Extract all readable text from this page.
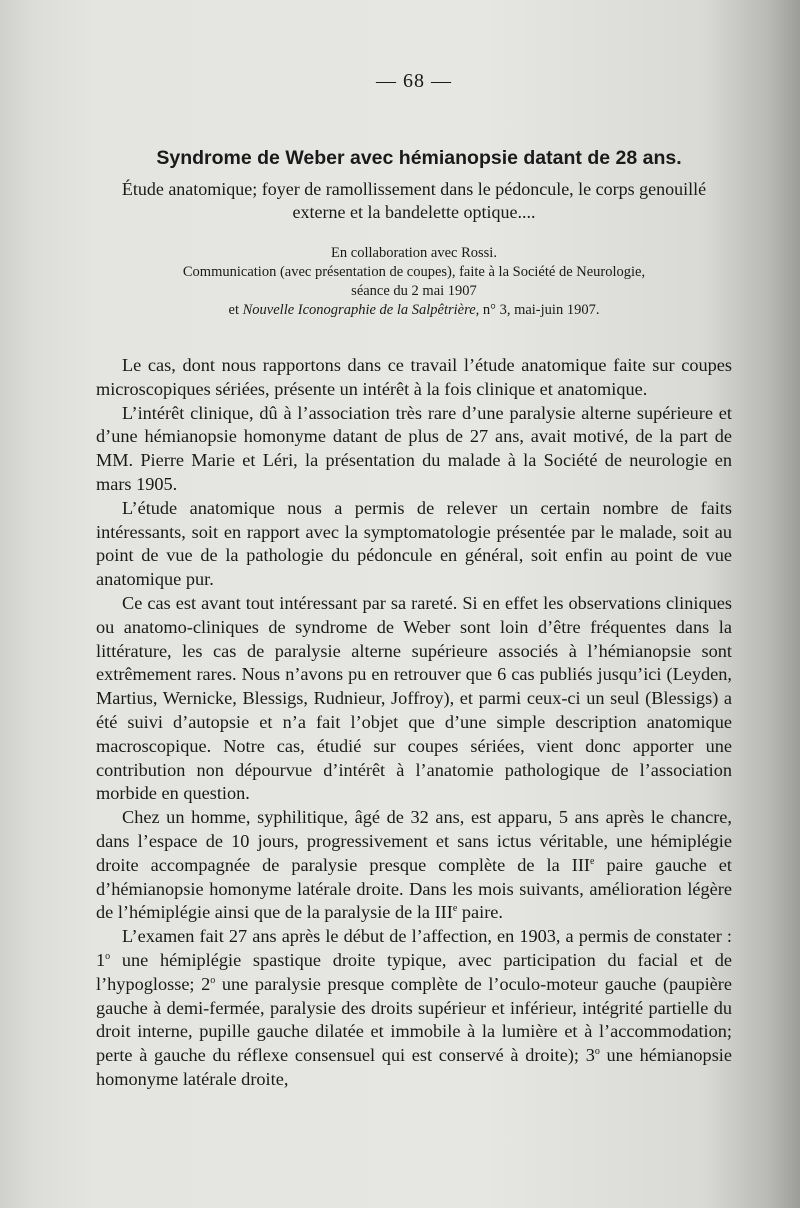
— 68 —
Syndrome de Weber avec hémianopsie datant de 28 ans.
Étude anatomique; foyer de ramollissement dans le pédoncule, le corps genouillé externe et la bandelette optique....

En collaboration avec Rossi.

Communication (avec présentation de coupes), faite à la Société de Neurologie,

séance du 2 mai 1907

et Nouvelle Iconographie de la Salpêtrière, n° 3, mai-juin 1907.

Le cas, dont nous rapportons dans ce travail l’étude anatomique faite sur coupes microscopiques sériées, présente un intérêt à la fois clinique et anatomique.

L’intérêt clinique, dû à l’association très rare d’une paralysie alterne supérieure et d’une hémianopsie homonyme datant de plus de 27 ans, avait motivé, de la part de MM. Pierre Marie et Léri, la présentation du malade à la Société de neurologie en mars 1905.

L’étude anatomique nous a permis de relever un certain nombre de faits intéressants, soit en rapport avec la symptomatologie présentée par le malade, soit au point de vue de la pathologie du pédoncule en général, soit enfin au point de vue anatomique pur.

Ce cas est avant tout intéressant par sa rareté. Si en effet les observations cliniques ou anatomo-cliniques de syndrome de Weber sont loin d’être fréquentes dans la littérature, les cas de paralysie alterne supérieure associés à l’hémianopsie sont extrêmement rares. Nous n’avons pu en retrouver que 6 cas publiés jusqu’ici (Leyden, Martius, Wernicke, Blessigs, Rudnieur, Joffroy), et parmi ceux-ci un seul (Blessigs) a été suivi d’autopsie et n’a fait l’objet que d’une simple description anatomique macroscopique. Notre cas, étudié sur coupes sériées, vient donc apporter une contribution non dépourvue d’intérêt à l’anatomie pathologique de l’association morbide en question.

Chez un homme, syphilitique, âgé de 32 ans, est apparu, 5 ans après le chancre, dans l’espace de 10 jours, progressivement et sans ictus véritable, une hémiplégie droite accompagnée de paralysie presque complète de la IIIe paire gauche et d’hémianopsie homonyme latérale droite. Dans les mois suivants, amélioration légère de l’hémiplégie ainsi que de la paralysie de la IIIe paire.

L’examen fait 27 ans après le début de l’affection, en 1903, a permis de constater : 1$^o$ une hémiplégie spastique droite typique, avec participation du facial et de l’hypoglosse; 2$^o$ une paralysie presque complète de l’oculo-moteur gauche (paupière gauche à demi-fermée, paralysie des droits supérieur et inférieur, intégrité partielle du droit interne, pupille gauche dilatée et immobile à la lumière et à l’accommodation; perte à gauche du réflexe consensuel qui est conservé à droite); 3$^o$ une hémianopsie homonyme latérale droite,
